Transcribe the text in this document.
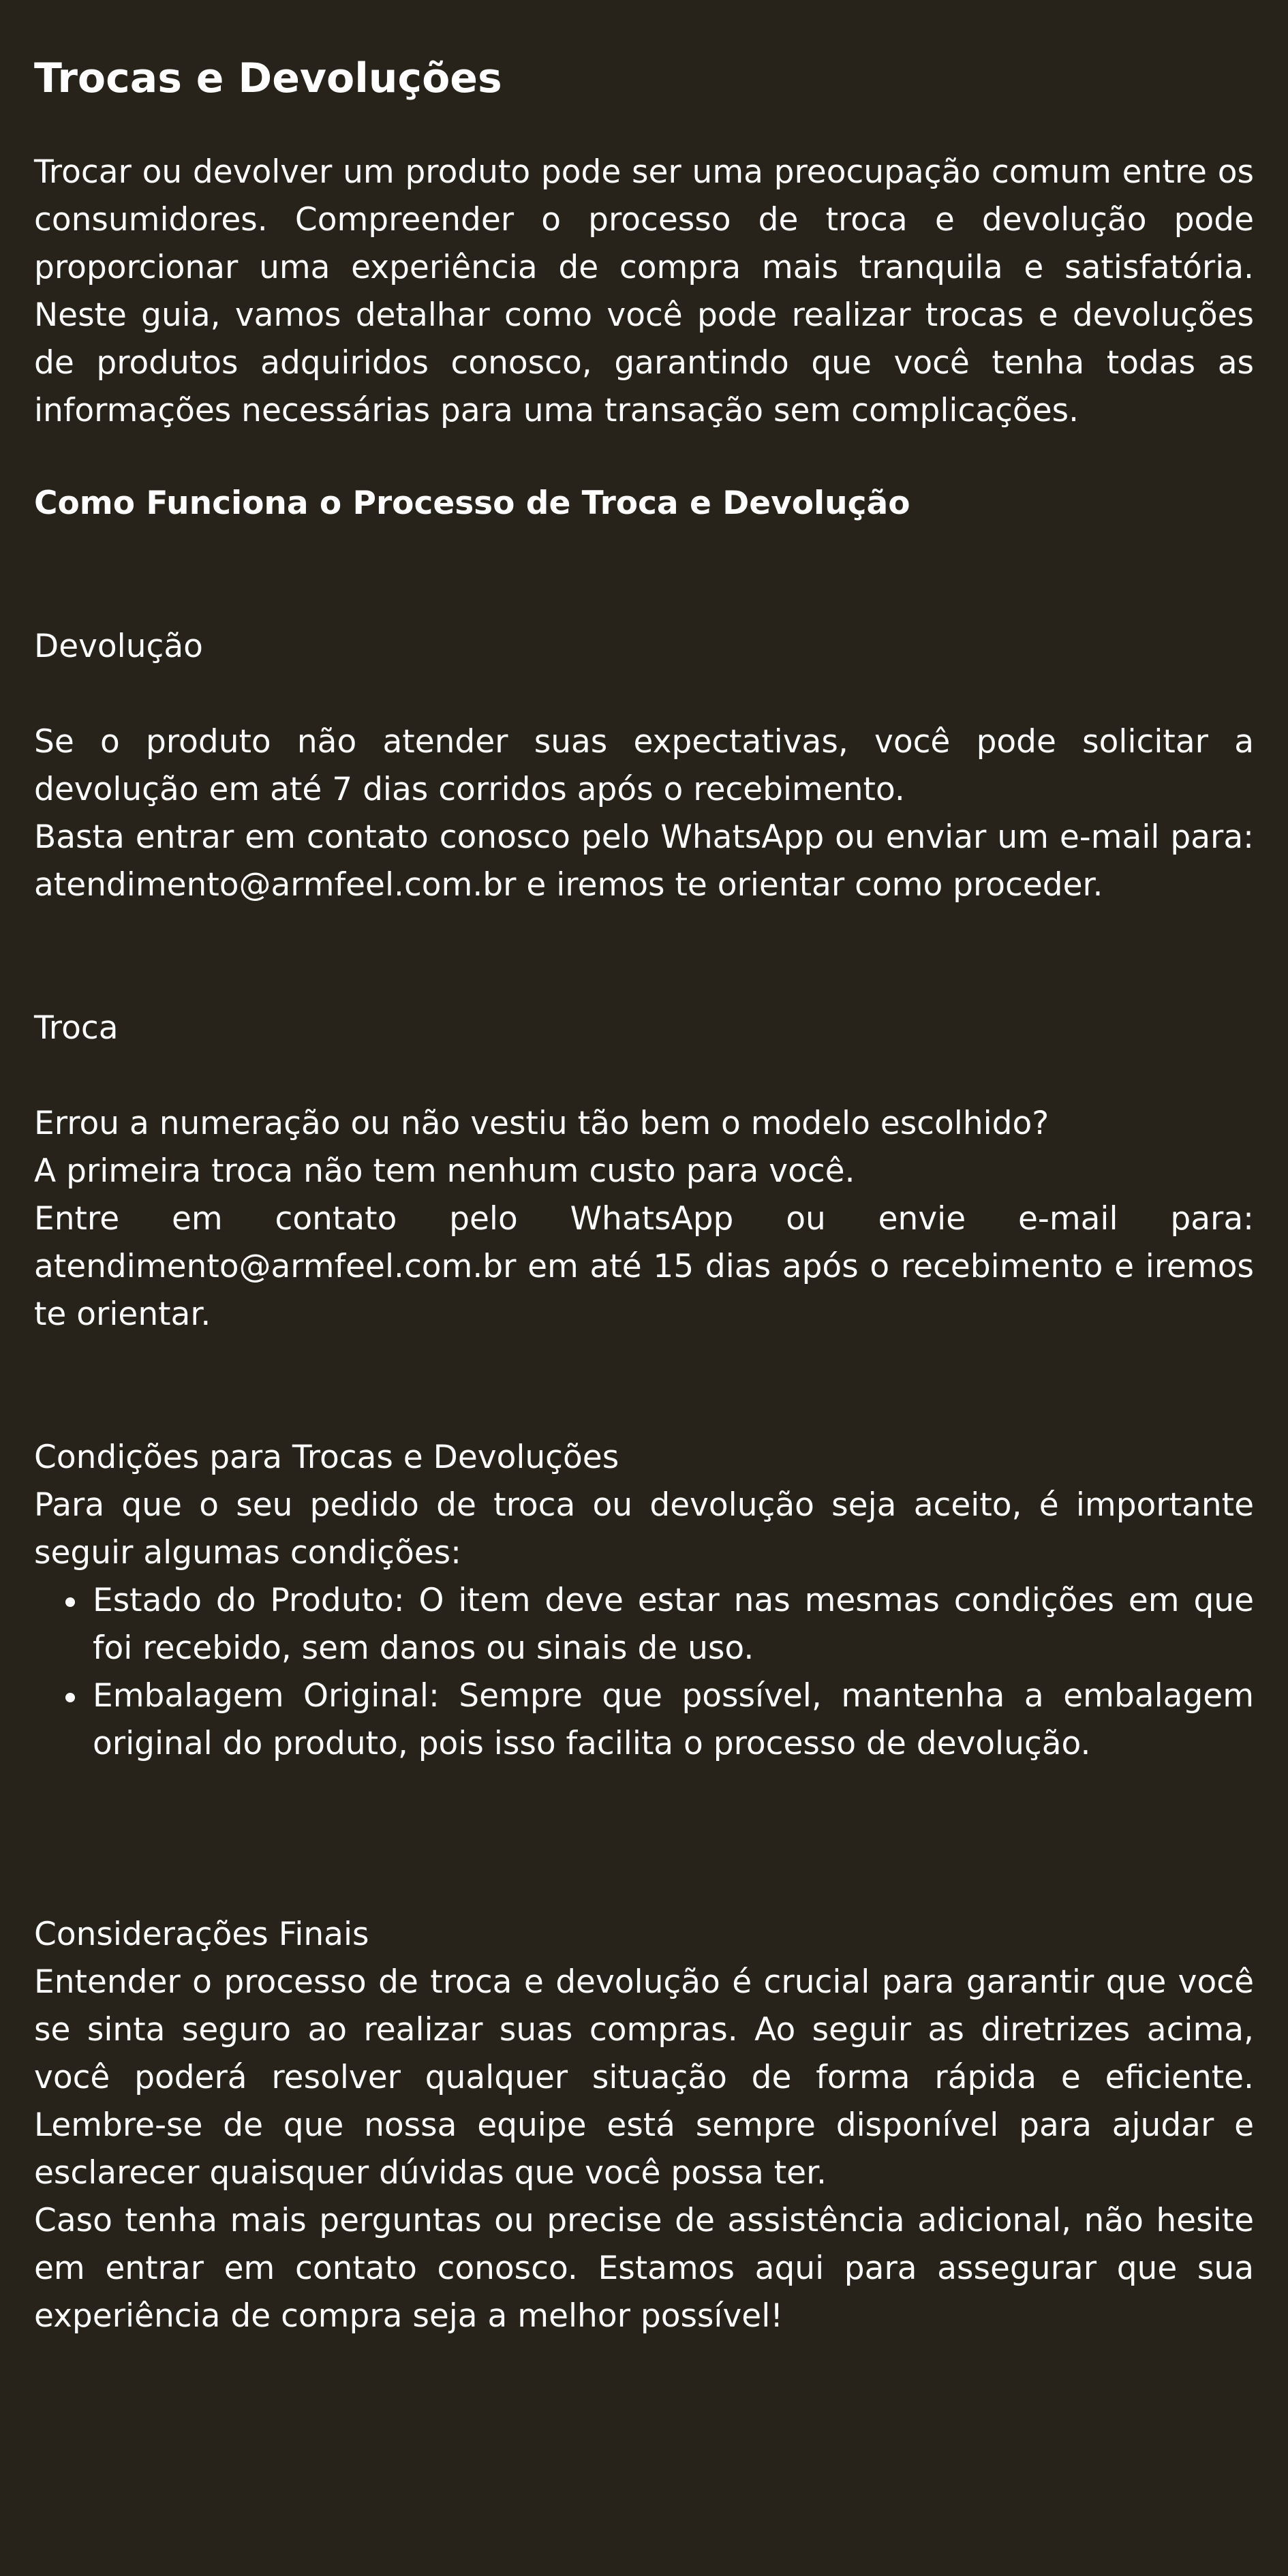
Trocas e Devoluções

Trocar ou devolver um produto pode ser uma preocupação comum entre os consumidores. Compreender o processo de troca e devolução pode proporcionar uma experiência de compra mais tranquila e satisfatória. Neste guia, vamos detalhar como você pode realizar trocas e devoluções de produtos adquiridos conosco, garantindo que você tenha todas as informações necessárias para uma transação sem complicações.

Como Funciona o Processo de Troca e Devolução
Devolução

Se o produto não atender suas expectativas, você pode solicitar a devolução em até 7 dias corridos após o recebimento.

Basta entrar em contato conosco pelo WhatsApp ou enviar um e-mail para: atendimento@armfeel.com.br e iremos te orientar como proceder.

Troca

Errou a numeração ou não vestiu tão bem o modelo escolhido?

A primeira troca não tem nenhum custo para você.

Entre em contato pelo WhatsApp ou envie e-mail para: atendimento@armfeel.com.br em até 15 dias após o recebimento e iremos te orientar.

Condições para Trocas e Devoluções

Para que o seu pedido de troca ou devolução seja aceito, é importante seguir algumas condições:

Estado do Produto: O item deve estar nas mesmas condições em que foi recebido, sem danos ou sinais de uso.
Embalagem Original: Sempre que possível, mantenha a embalagem original do produto, pois isso facilita o processo de devolução.
Considerações Finais

Entender o processo de troca e devolução é crucial para garantir que você se sinta seguro ao realizar suas compras. Ao seguir as diretrizes acima, você poderá resolver qualquer situação de forma rápida e eficiente. Lembre-se de que nossa equipe está sempre disponível para ajudar e esclarecer quaisquer dúvidas que você possa ter.

Caso tenha mais perguntas ou precise de assistência adicional, não hesite em entrar em contato conosco. Estamos aqui para assegurar que sua experiência de compra seja a melhor possível!
